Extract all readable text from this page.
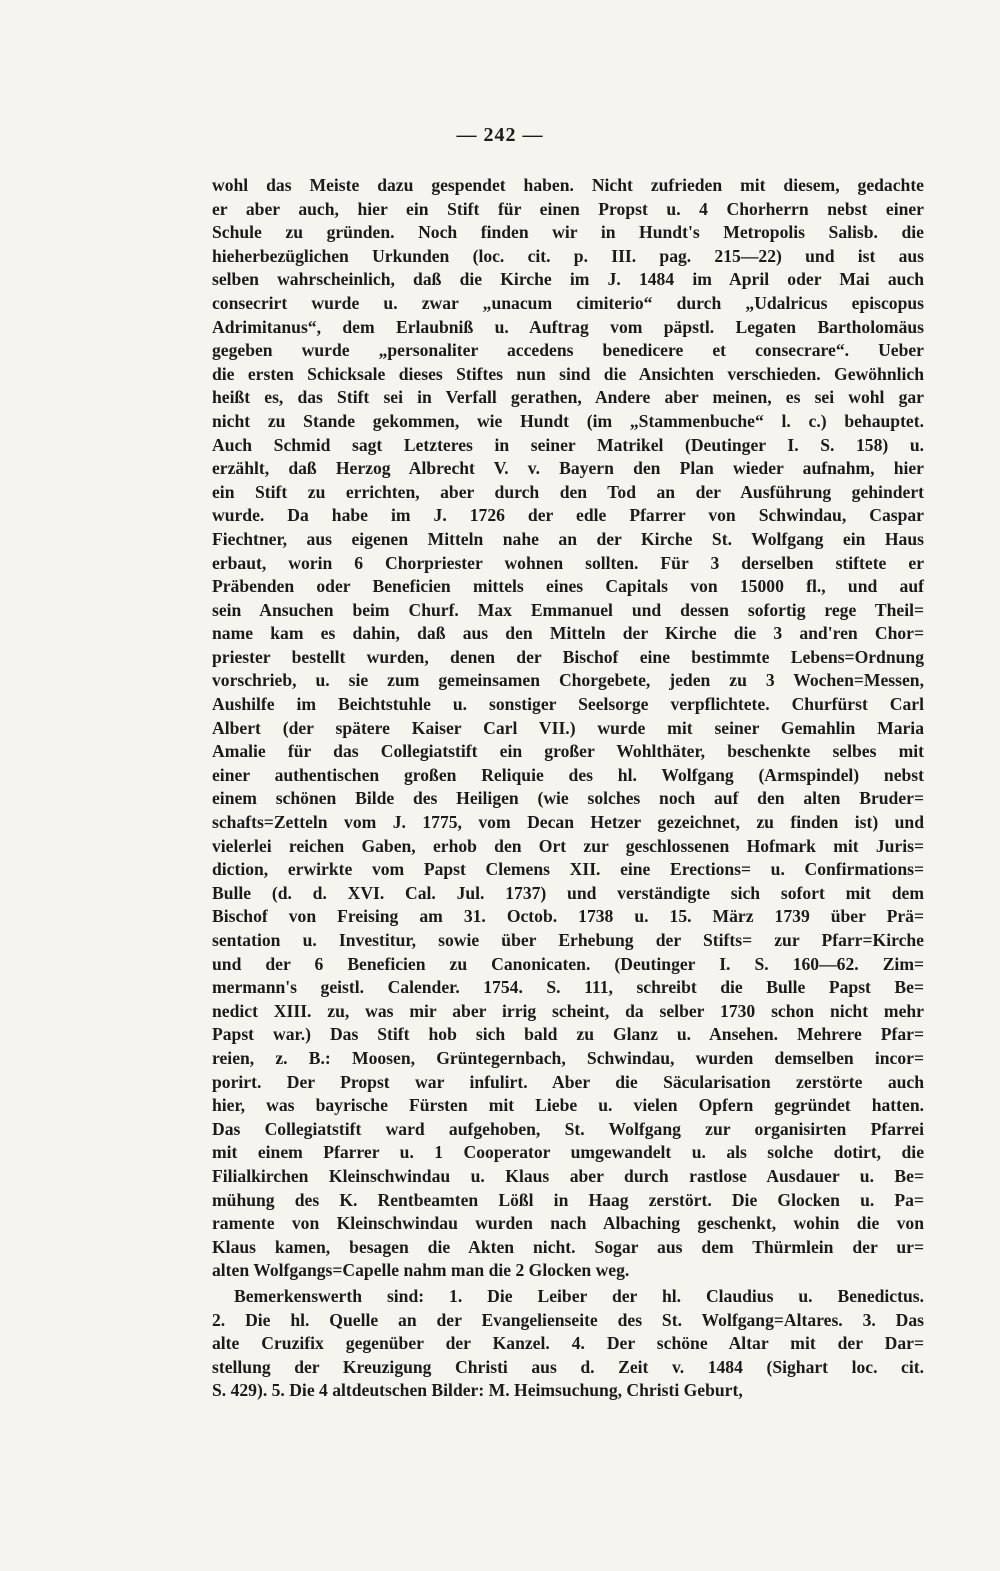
— 242 —
wohl das Meiste dazu gespendet haben. Nicht zufrieden mit diesem, gedachte
er aber auch, hier ein Stift für einen Propst u. 4 Chorherrn nebst einer
Schule zu gründen. Noch finden wir in Hundt's Metropolis Salisb. die
hieherbezüglichen Urkunden (loc. cit. p. III. pag. 215—22) und ist aus
selben wahrscheinlich, daß die Kirche im J. 1484 im April oder Mai auch
consecrirt wurde u. zwar „unacum cimiterio“ durch „Udalricus episcopus
Adrimitanus“, dem Erlaubniß u. Auftrag vom päpstl. Legaten Bartholomäus
gegeben wurde „personaliter accedens benedicere et consecrare“. Ueber
die ersten Schicksale dieses Stiftes nun sind die Ansichten verschieden. Gewöhnlich
heißt es, das Stift sei in Verfall gerathen, Andere aber meinen, es sei wohl gar
nicht zu Stande gekommen, wie Hundt (im „Stammenbuche“ l. c.) behauptet.
Auch Schmid sagt Letzteres in seiner Matrikel (Deutinger I. S. 158) u.
erzählt, daß Herzog Albrecht V. v. Bayern den Plan wieder aufnahm, hier
ein Stift zu errichten, aber durch den Tod an der Ausführung gehindert
wurde. Da habe im J. 1726 der edle Pfarrer von Schwindau, Caspar
Fiechtner, aus eigenen Mitteln nahe an der Kirche St. Wolfgang ein Haus
erbaut, worin 6 Chorpriester wohnen sollten. Für 3 derselben stiftete er
Präbenden oder Beneficien mittels eines Capitals von 15000 fl., und auf
sein Ansuchen beim Churf. Max Emmanuel und dessen sofortig rege Theil=
name kam es dahin, daß aus den Mitteln der Kirche die 3 and'ren Chor=
priester bestellt wurden, denen der Bischof eine bestimmte Lebens=Ordnung
vorschrieb, u. sie zum gemeinsamen Chorgebete, jeden zu 3 Wochen=Messen,
Aushilfe im Beichtstuhle u. sonstiger Seelsorge verpflichtete. Churfürst Carl
Albert (der spätere Kaiser Carl VII.) wurde mit seiner Gemahlin Maria
Amalie für das Collegiatstift ein großer Wohlthäter, beschenkte selbes mit
einer authentischen großen Reliquie des hl. Wolfgang (Armspindel) nebst
einem schönen Bilde des Heiligen (wie solches noch auf den alten Bruder=
schafts=Zetteln vom J. 1775, vom Decan Hetzer gezeichnet, zu finden ist) und
vielerlei reichen Gaben, erhob den Ort zur geschlossenen Hofmark mit Juris=
diction, erwirkte vom Papst Clemens XII. eine Erections= u. Confirmations=
Bulle (d. d. XVI. Cal. Jul. 1737) und verständigte sich sofort mit dem
Bischof von Freising am 31. Octob. 1738 u. 15. März 1739 über Prä=
sentation u. Investitur, sowie über Erhebung der Stifts= zur Pfarr=Kirche
und der 6 Beneficien zu Canonicaten. (Deutinger I. S. 160—62. Zim=
mermann's geistl. Calender. 1754. S. 111, schreibt die Bulle Papst Be=
nedict XIII. zu, was mir aber irrig scheint, da selber 1730 schon nicht mehr
Papst war.) Das Stift hob sich bald zu Glanz u. Ansehen. Mehrere Pfar=
reien, z. B.: Moosen, Grüntegernbach, Schwindau, wurden demselben incor=
porirt. Der Propst war infulirt. Aber die Säcularisation zerstörte auch
hier, was bayrische Fürsten mit Liebe u. vielen Opfern gegründet hatten.
Das Collegiatstift ward aufgehoben, St. Wolfgang zur organisirten Pfarrei
mit einem Pfarrer u. 1 Cooperator umgewandelt u. als solche dotirt, die
Filialkirchen Kleinschwindau u. Klaus aber durch rastlose Ausdauer u. Be=
mühung des K. Rentbeamten Lößl in Haag zerstört. Die Glocken u. Pa=
ramente von Kleinschwindau wurden nach Albaching geschenkt, wohin die von
Klaus kamen, besagen die Akten nicht. Sogar aus dem Thürmlein der ur=
alten Wolfgangs=Capelle nahm man die 2 Glocken weg.
Bemerkenswerth sind: 1. Die Leiber der hl. Claudius u. Benedictus.
2. Die hl. Quelle an der Evangelienseite des St. Wolfgang=Altares. 3. Das
alte Cruzifix gegenüber der Kanzel. 4. Der schöne Altar mit der Dar=
stellung der Kreuzigung Christi aus d. Zeit v. 1484 (Sighart loc. cit.
S. 429). 5. Die 4 altdeutschen Bilder: M. Heimsuchung, Christi Geburt,
